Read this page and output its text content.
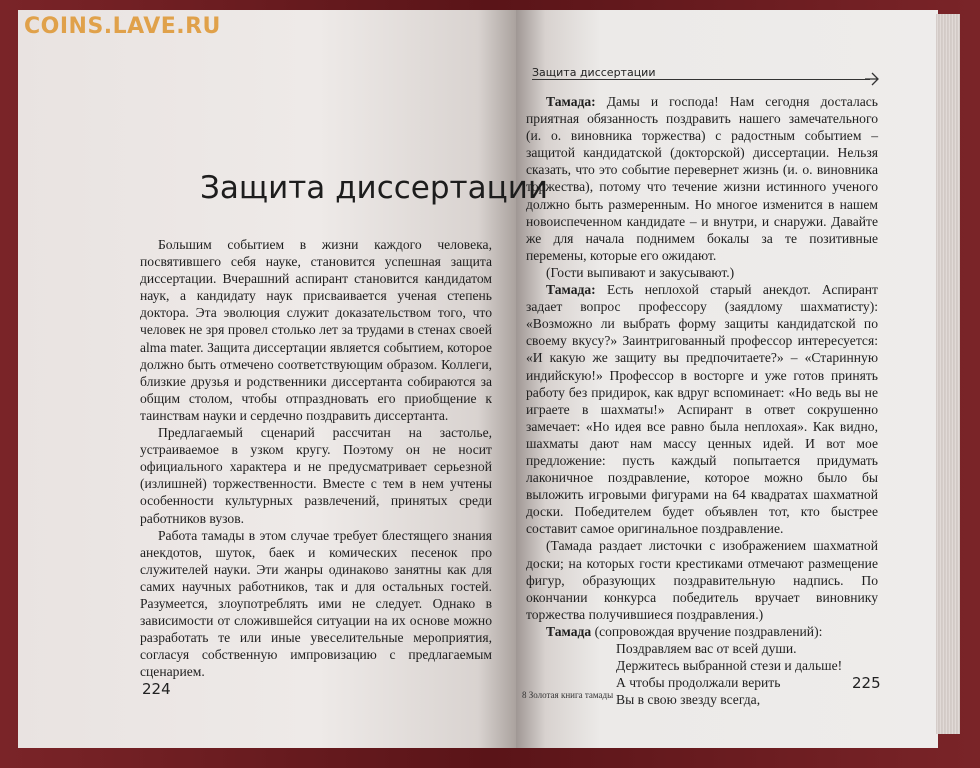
COINS.LAVE.RU
Защита диссертации

Большим событием в жизни каждого человека, посвятившего себя науке, становится успешная защита диссертации. Вчерашний аспирант становится кандидатом наук, а кандидату наук присваивается ученая степень доктора. Эта эволюция служит доказательством того, что человек не зря провел столько лет за трудами в стенах своей alma mater. Защита диссертации является событием, которое должно быть отмечено соответствующим образом. Коллеги, близкие друзья и родственники диссертанта собираются за общим столом, чтобы отпраздновать его приобщение к таинствам науки и сердечно поздравить диссертанта.

Предлагаемый сценарий рассчитан на застолье, устраиваемое в узком кругу. Поэтому он не носит официального характера и не предусматривает серьезной (излишней) торжественности. Вместе с тем в нем учтены особенности культурных развлечений, принятых среди работников вузов.

Работа тамады в этом случае требует блестящего знания анекдотов, шуток, баек и комических песенок про служителей науки. Эти жанры одинаково занятны как для самих научных работников, так и для остальных гостей. Разумеется, злоупотреблять ими не следует. Однако в зависимости от сложившейся ситуации на их основе можно разработать те или иные увеселительные мероприятия, согласуя собственную импровизацию с предлагаемым сценарием.

224
Защита диссертации

Тамада: Дамы и господа! Нам сегодня досталась приятная обязанность поздравить нашего замечательного (и. о. виновника торжества) с радостным событием – защитой кандидатской (докторской) диссертации. Нельзя сказать, что это событие перевернет жизнь (и. о. виновника торжества), потому что течение жизни истинного ученого должно быть размеренным. Но многое изменится в нашем новоиспеченном кандидате – и внутри, и снаружи. Давайте же для начала поднимем бокалы за те позитивные перемены, которые его ожидают.

(Гости выпивают и закусывают.)

Тамада: Есть неплохой старый анекдот. Аспирант задает вопрос профессору (заядлому шахматисту): «Возможно ли выбрать форму защиты кандидатской по своему вкусу?» Заинтригованный профессор интересуется: «И какую же защиту вы предпочитаете?» – «Старинную индийскую!» Профессор в восторге и уже готов принять работу без придирок, как вдруг вспоминает: «Но ведь вы не играете в шахматы!» Аспирант в ответ сокрушенно замечает: «Но идея все равно была неплохая». Как видно, шахматы дают нам массу ценных идей. И вот мое предложение: пусть каждый попытается придумать лаконичное поздравление, которое можно было бы выложить игровыми фигурами на 64 квадратах шахматной доски. Победителем будет объявлен тот, кто быстрее составит самое оригинальное поздравление.

(Тамада раздает листочки с изображением шахматной доски; на которых гости крестиками отмечают размещение фигур, образующих поздравительную надпись. По окончании конкурса победитель вручает виновнику торжества получившиеся поздравления.)

Тамада (сопровождая вручение поздравлений):

Поздравляем вас от всей души.

Держитесь выбранной стези и дальше!

А чтобы продолжали верить

Вы в свою звезду всегда,

225
8 Золотая книга тамады
